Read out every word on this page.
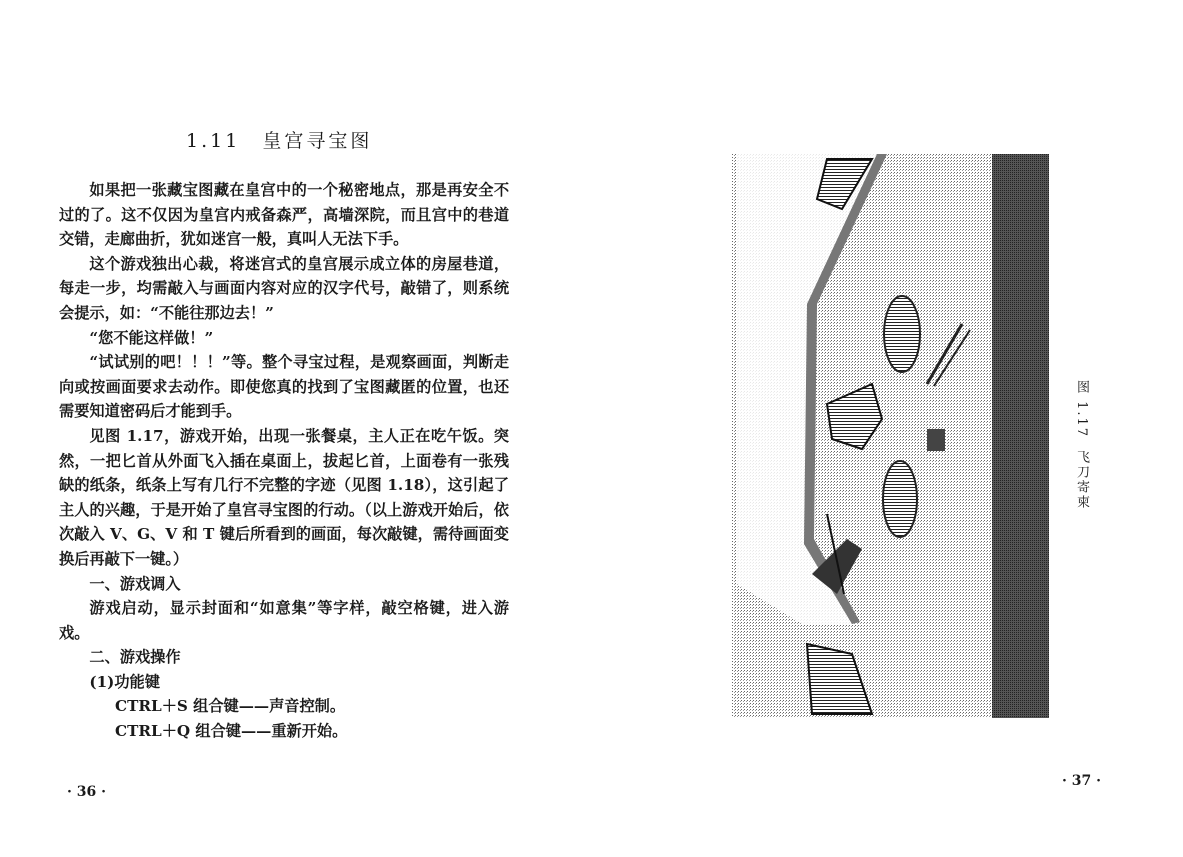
1.11 皇宫寻宝图

如果把一张藏宝图藏在皇宫中的一个秘密地点，那是再安全不过的了。这不仅因为皇宫内戒备森严，高墙深院，而且宫中的巷道交错，走廊曲折，犹如迷宫一般，真叫人无法下手。

这个游戏独出心裁，将迷宫式的皇宫展示成立体的房屋巷道，每走一步，均需敲入与画面内容对应的汉字代号，敲错了，则系统会提示，如：“不能往那边去！”

“您不能这样做！”

“试试别的吧！！！”等。整个寻宝过程，是观察画面，判断走向或按画面要求去动作。即使您真的找到了宝图藏匿的位置，也还需要知道密码后才能到手。

见图 1.17，游戏开始，出现一张餐桌，主人正在吃午饭。突然，一把匕首从外面飞入插在桌面上，拔起匕首，上面卷有一张残缺的纸条，纸条上写有几行不完整的字迹（见图 1.18），这引起了主人的兴趣，于是开始了皇宫寻宝图的行动。（以上游戏开始后，依次敲入 V、G、V 和 T 键后所看到的画面，每次敲键，需待画面变换后再敲下一键。）

一、游戏调入

游戏启动，显示封面和“如意集”等字样，敲空格键，进入游戏。

二、游戏操作

(1)功能键

CTRL＋S 组合键——声音控制。

CTRL＋Q 组合键——重新开始。

· 36 ·
图 1.17飞刀寄柬
· 37 ·
